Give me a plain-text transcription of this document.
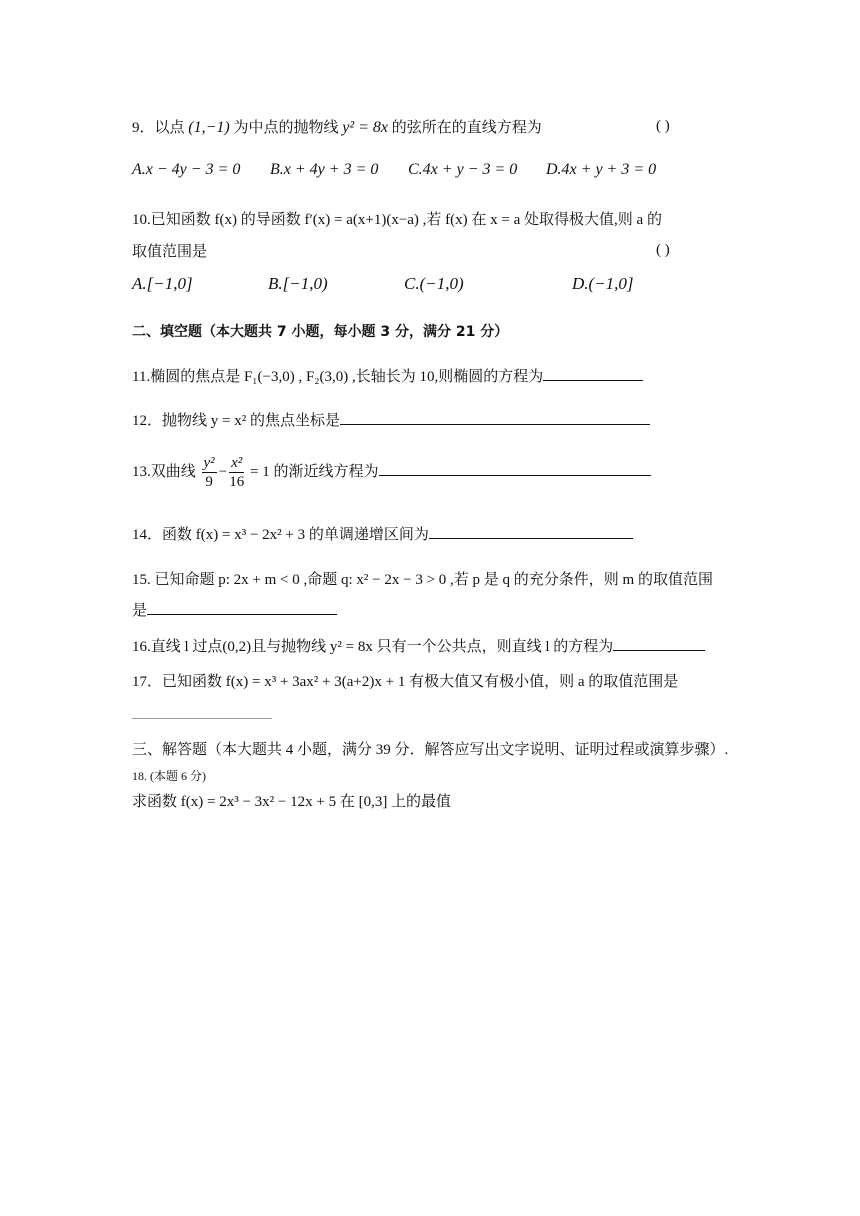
9．以点 (1,−1) 为中点的抛物线 y² = 8x 的弦所在的直线方程为	( )
A.x − 4y − 3 = 0 B.x + 4y + 3 = 0 C.4x + y − 3 = 0 D.4x + y + 3 = 0
10.已知函数 f(x) 的导函数 f′(x) = a(x+1)(x−a) ,若 f(x) 在 x = a 处取得极大值,则 a 的
取值范围是	( )
A.[−1,0]	B.[−1,0)	C.(−1,0)	D.(−1,0]
二、填空题（本大题共 7 小题，每小题 3 分，满分 21 分）
11.椭圆的焦点是 F₁(−3,0) , F₂(3,0) ,长轴长为 10,则椭圆的方程为
12．抛物线 y = x² 的焦点坐标是
13.双曲线 $\frac{\text{y²}}{9} - \frac{\text{x²}}{16} = 1$ 的渐近线方程为
14．函数 f(x) = x³ − 2x² + 3 的单调递增区间为
15. 已知命题 p: 2x + m < 0 ,命题 q: x² − 2x − 3 > 0 ,若 p 是 q 的充分条件，则 m 的取值范围
是
16.直线 l 过点(0,2)且与抛物线 y² = 8x 只有一个公共点，则直线 l 的方程为
17．已知函数 f(x) = x³ + 3ax² + 3(a+2)x + 1 有极大值又有极小值，则 a 的取值范围是
三、解答题（本大题共 4 小题，满分 39 分．解答应写出文字说明、证明过程或演算步骤）.
18. (本题 6 分)
求函数 f(x) = 2x³ − 3x² − 12x + 5 在 [0,3] 上的最值
